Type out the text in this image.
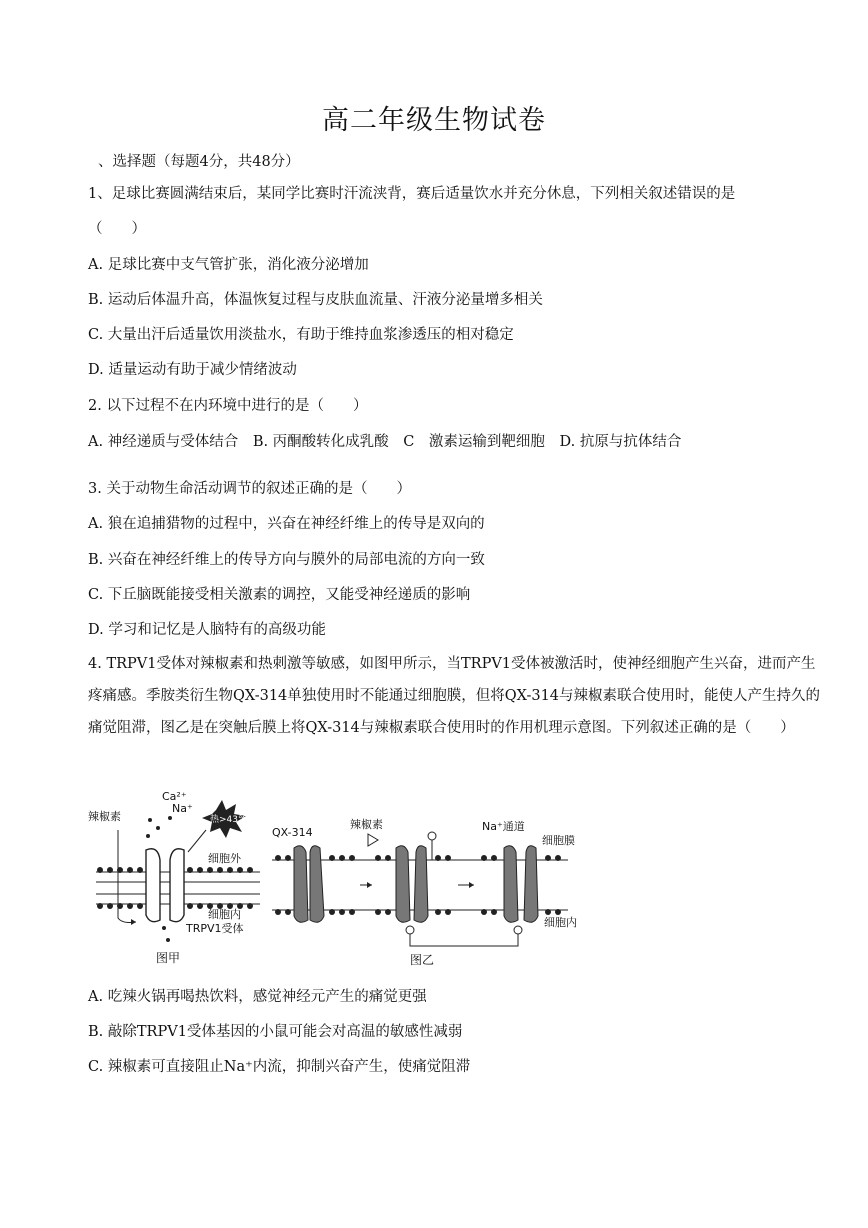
高二年级生物试卷
、选择题（每题4分，共48分）
1、足球比赛圆满结束后，某同学比赛时汗流浃背，赛后适量饮水并充分休息，下列相关叙述错误的是
（　　）
A. 足球比赛中支气管扩张，消化液分泌增加
B. 运动后体温升高，体温恢复过程与皮肤血流量、汗液分泌量增多相关
C. 大量出汗后适量饮用淡盐水，有助于维持血浆渗透压的相对稳定
D. 适量运动有助于减少情绪波动
2. 以下过程不在内环境中进行的是（　　）
A. 神经递质与受体结合 B. 丙酮酸转化成乳酸 C　激素运输到靶细胞 D. 抗原与抗体结合
3. 关于动物生命活动调节的叙述正确的是（　　）
A. 狼在追捕猎物的过程中，兴奋在神经纤维上的传导是双向的
B. 兴奋在神经纤维上的传导方向与膜外的局部电流的方向一致
C. 下丘脑既能接受相关激素的调控，又能受神经递质的影响
D. 学习和记忆是人脑特有的高级功能
4. TRPV1受体对辣椒素和热刺激等敏感，如图甲所示，当TRPV1受体被激活时，使神经细胞产生兴奋，进而产生疼痛感。季胺类衍生物QX-314单独使用时不能通过细胞膜，但将QX-314与辣椒素联合使用时，能使人产生持久的痛觉阻滞，图乙是在突触后膜上将QX-314与辣椒素联合使用时的作用机理示意图。下列叙述正确的是（　　）
热>43℃
辣椒素
Ca²⁺
Na⁺
细胞外
细胞内
TRPV1受体
图甲
QX-314
辣椒素	Na⁺通道
细胞膜
细胞内
图乙
A. 吃辣火锅再喝热饮料，感觉神经元产生的痛觉更强
B. 敲除TRPV1受体基因的小鼠可能会对高温的敏感性减弱
C. 辣椒素可直接阻止Na⁺内流，抑制兴奋产生，使痛觉阻滞
